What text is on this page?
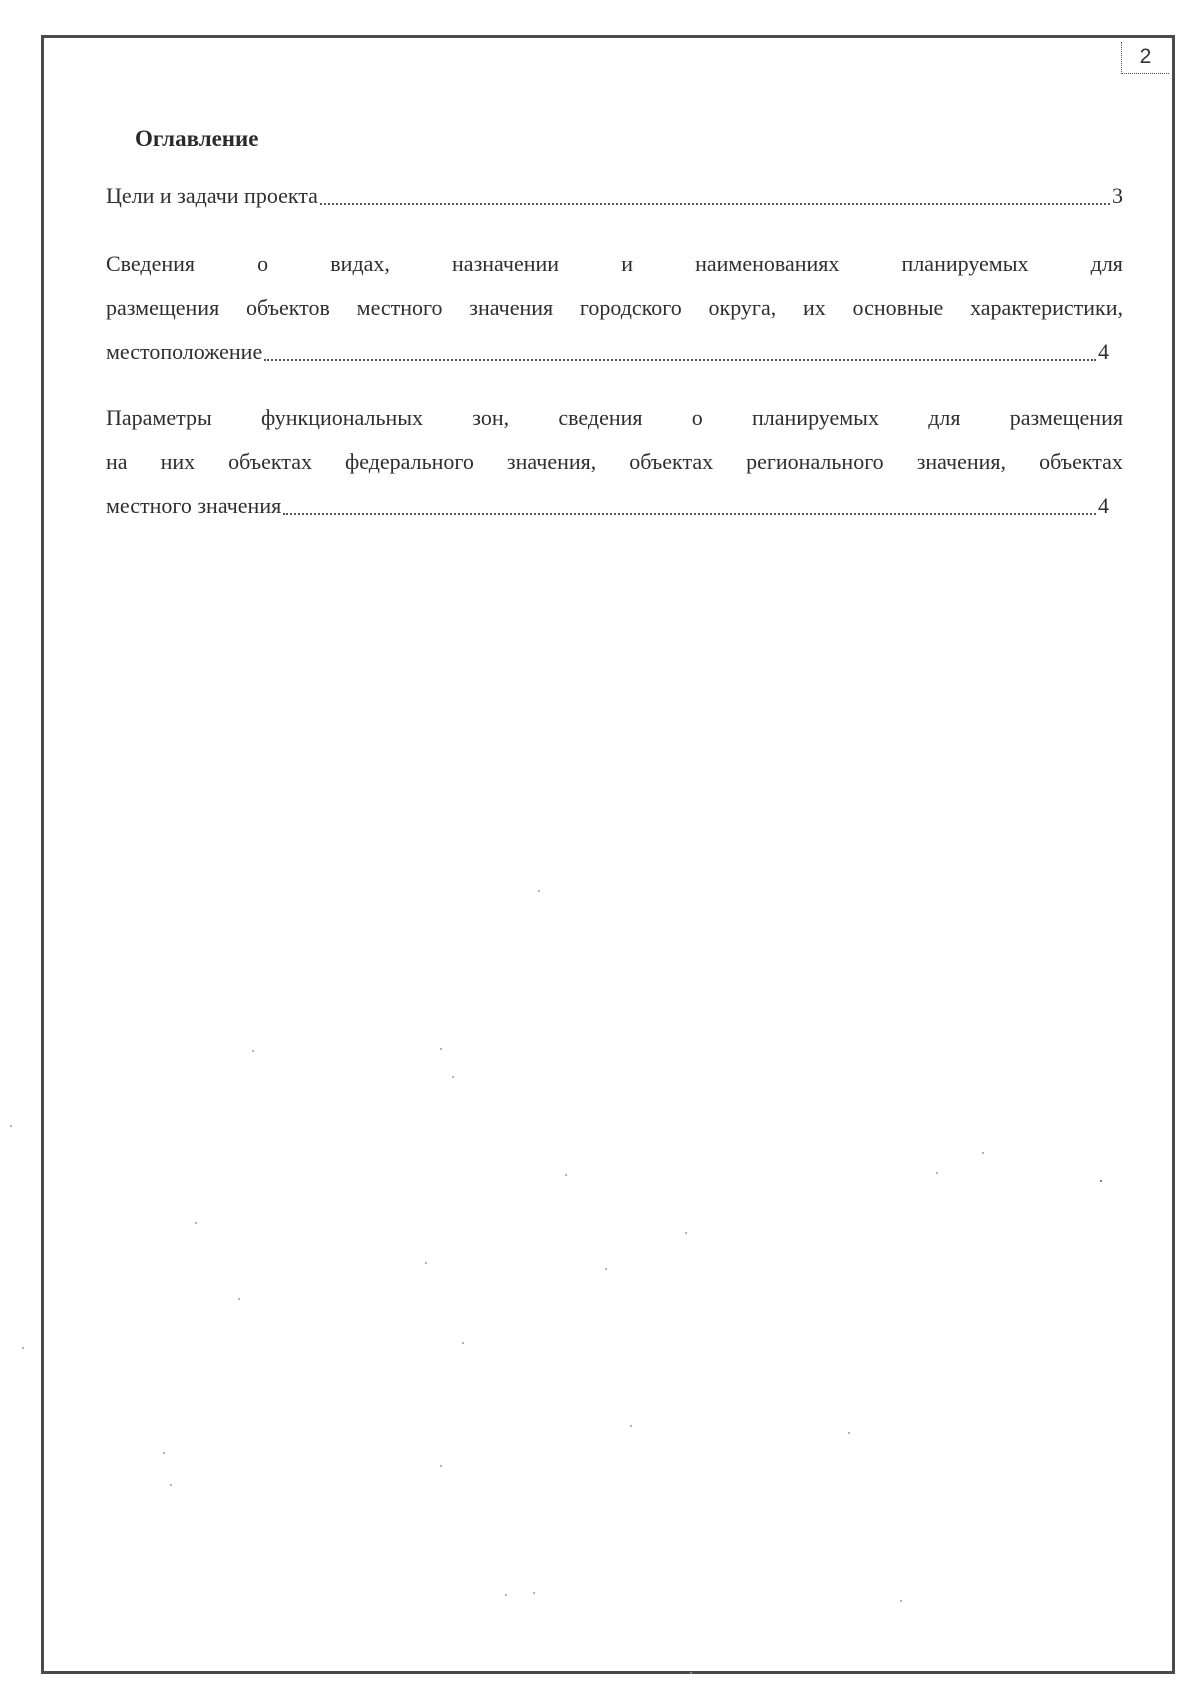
2
Оглавление
Цели и задачи проекта	3
Сведения	о	видах,	назначении	и	наименованиях	планируемых	для
размещения объектов местного значения городского округа, их основные характеристики,
местоположение	4
Параметры функциональных зон, сведения о планируемых для размещения
на них объектах федерального значения, объектах регионального значения, объектах
местного значения	4
